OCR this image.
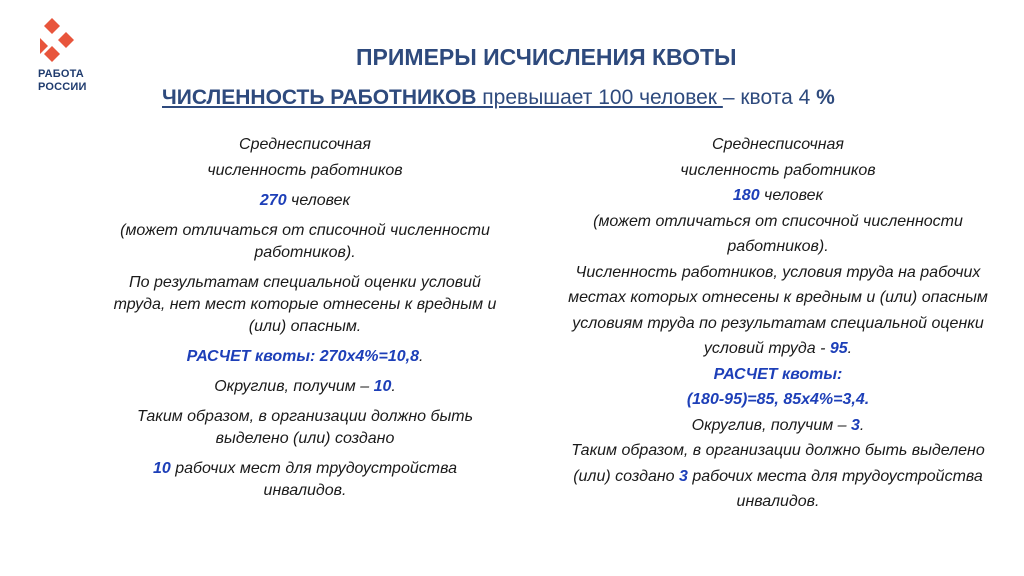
РАБОТА
РОССИИ
ПРИМЕРЫ ИСЧИСЛЕНИЯ КВОТЫ
ЧИСЛЕННОСТЬ РАБОТНИКОВ превышает 100 человек – квота 4 %

Среднесписочная

численность работников

270 человек

(может отличаться от списочной численности работников).

По результатам специальной оценки условий труда, нет мест которые отнесены к вредным и (или) опасным.

РАСЧЕТ квоты: 270х4%=10,8.

Округлив, получим – 10.

Таким образом, в организации должно быть выделено (или) создано

10 рабочих мест для трудоустройства инвалидов.

Среднесписочная

численность работников

180 человек

(может отличаться от списочной численности работников).

Численность работников, условия труда на рабочих местах которых отнесены к вредным и (или) опасным условиям труда по результатам специальной оценки условий труда - 95.

РАСЧЕТ квоты:

(180-95)=85, 85х4%=3,4.

Округлив, получим – 3.

Таким образом, в организации должно быть выделено (или) создано 3 рабочих места для трудоустройства инвалидов.
